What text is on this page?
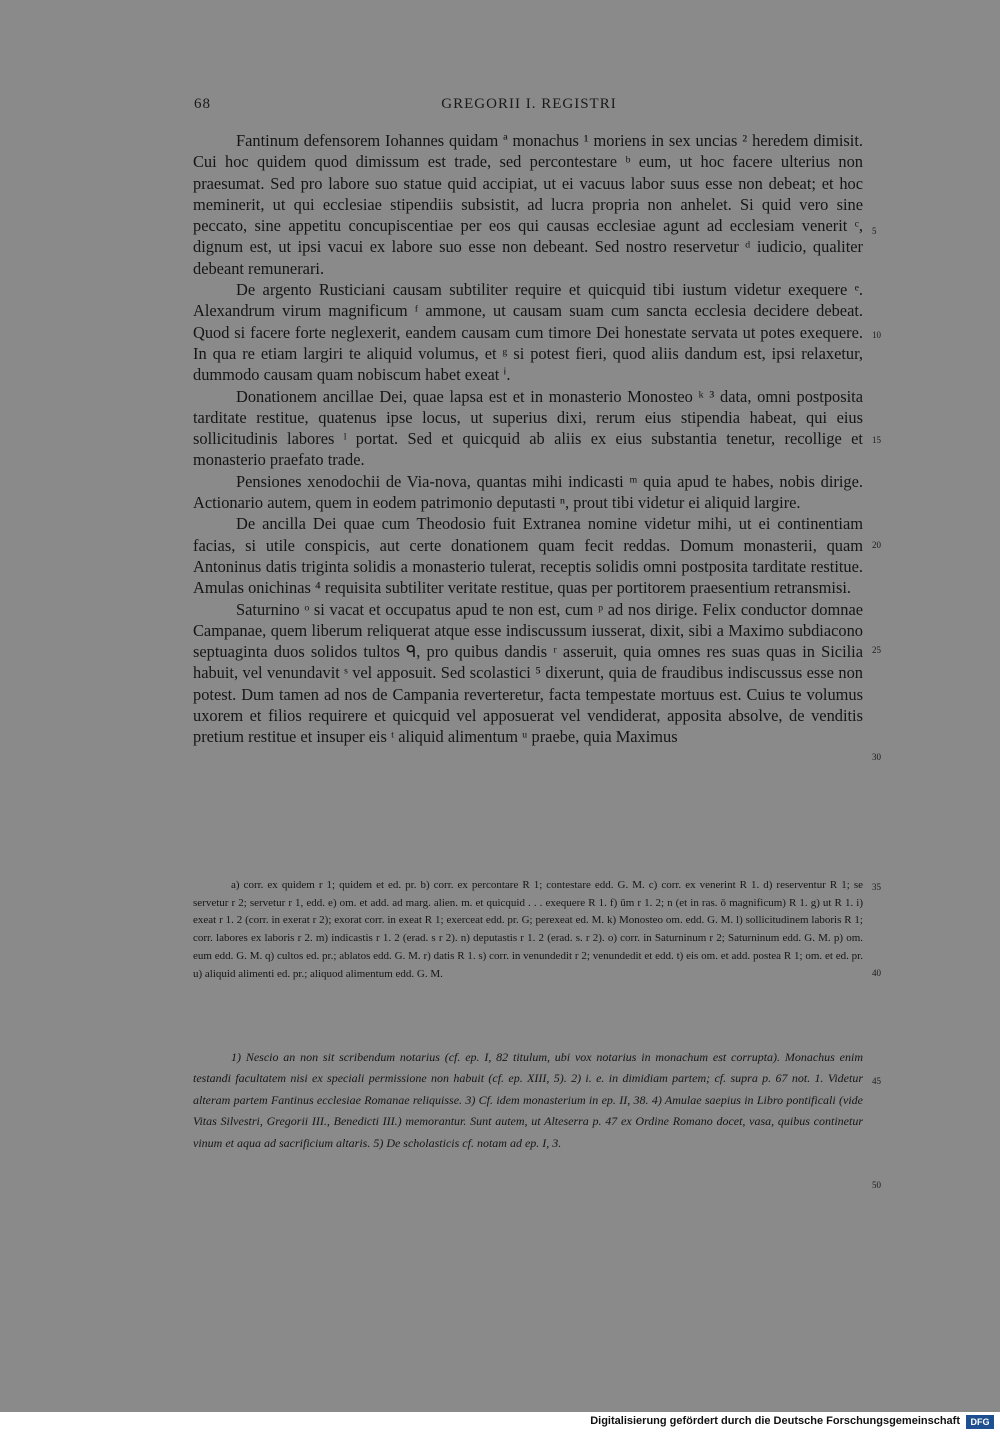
68	GREGORII I. REGISTRI

Fantinum defensorem Iohannes quidam ª monachus ¹ moriens in sex uncias ² heredem dimisit. Cui hoc quidem quod dimissum est trade, sed percontestare ᵇ eum, ut hoc facere ulterius non praesumat. Sed pro labore suo statue quid accipiat, ut ei vacuus labor suus esse non debeat; et hoc meminerit, ut qui ecclesiae stipendiis subsistit, ad lucra propria non anhelet. Si quid vero sine peccato, sine appetitu concupiscentiae per eos qui causas ecclesiae agunt ad ecclesiam venerit ᶜ, dignum est, ut ipsi vacui ex labore suo esse non debeant. Sed nostro reservetur ᵈ iudicio, qualiter debeant remunerari.

De argento Rusticiani causam subtiliter require et quicquid tibi iustum videtur exequere ᵉ. Alexandrum virum magnificum ᶠ ammone, ut causam suam cum sancta ecclesia decidere debeat. Quod si facere forte neglexerit, eandem causam cum timore Dei honestate servata ut potes exequere. In qua re etiam largiri te aliquid volumus, et ᵍ si potest fieri, quod aliis dandum est, ipsi relaxetur, dummodo causam quam nobiscum habet exeat ⁱ.

Donationem ancillae Dei, quae lapsa est et in monasterio Monosteo ᵏ ³ data, omni postposita tarditate restitue, quatenus ipse locus, ut superius dixi, rerum eius stipendia habeat, qui eius sollicitudinis labores ˡ portat. Sed et quicquid ab aliis ex eius substantia tenetur, recollige et monasterio praefato trade.

Pensiones xenodochii de Via-nova, quantas mihi indicasti ᵐ quia apud te habes, nobis dirige. Actionario autem, quem in eodem patrimonio deputasti ⁿ, prout tibi videtur ei aliquid largire.

De ancilla Dei quae cum Theodosio fuit Extranea nomine videtur mihi, ut ei continentiam facias, si utile conspicis, aut certe donationem quam fecit reddas. Domum monasterii, quam Antoninus datis triginta solidis a monasterio tulerat, receptis solidis omni postposita tarditate restitue. Amulas onichinas ⁴ requisita subtiliter veritate restitue, quas per portitorem praesentium retransmisi.

Saturnino ᵒ si vacat et occupatus apud te non est, cum ᵖ ad nos dirige. Felix conductor domnae Campanae, quem liberum reliquerat atque esse indiscussum iusserat, dixit, sibi a Maximo subdiacono septuaginta duos solidos tultos ᑫ, pro quibus dandis ʳ asseruit, quia omnes res suas quas in Sicilia habuit, vel venundavit ˢ vel apposuit. Sed scolastici ⁵ dixerunt, quia de fraudibus indiscussus esse non potest. Dum tamen ad nos de Campania reverteretur, facta tempestate mortuus est. Cuius te volumus uxorem et filios requirere et quicquid vel apposuerat vel vendiderat, apposita absolve, de venditis pretium restitue et insuper eis ᵗ aliquid alimentum ᵘ praebe, quia Maximus

a) corr. ex quidem r 1; quidem et ed. pr. b) corr. ex percontare R 1; contestare edd. G. M. c) corr. ex venerint R 1. d) reserventur R 1; se servetur r 2; servetur r 1, edd. e) om. et add. ad marg. alien. m. et quicquid . . . exequere R 1. f) ūm r 1. 2; n (et in ras. ō magnificum) R 1. g) ut R 1. i) exeat r 1. 2 (corr. in exerat r 2); exorat corr. in exeat R 1; exerceat edd. pr. G; perexeat ed. M. k) Monosteo om. edd. G. M. l) sollicitudinem laboris R 1; corr. labores ex laboris r 2. m) indicastis r 1. 2 (erad. s r 2). n) deputastis r 1. 2 (erad. s. r 2). o) corr. in Saturninum r 2; Saturninum edd. G. M. p) om. eum edd. G. M. q) cultos ed. pr.; ablatos edd. G. M. r) datis R 1. s) corr. in venundedit r 2; venundedit et edd. t) eis om. et add. postea R 1; om. et ed. pr. u) aliquid alimenti ed. pr.; aliquod alimentum edd. G. M.

1) Nescio an non sit scribendum notarius (cf. ep. I, 82 titulum, ubi vox notarius in monachum est corrupta). Monachus enim testandi facultatem nisi ex speciali permissione non habuit (cf. ep. XIII, 5). 2) i. e. in dimidiam partem; cf. supra p. 67 not. 1. Videtur alteram partem Fantinus ecclesiae Romanae reliquisse. 3) Cf. idem monasterium in ep. II, 38. 4) Amulae saepius in Libro pontificali (vide Vitas Silvestri, Gregorii III., Benedicti III.) memorantur. Sunt autem, ut Alteserra p. 47 ex Ordine Romano docet, vasa, quibus continetur vinum et aqua ad sacrificium altaris. 5) De scholasticis cf. notam ad ep. I, 3.

5
10
15
20
25
30
35
40
45
50
Digitalisierung gefördert durch die Deutsche Forschungsgemeinschaft	DFG
